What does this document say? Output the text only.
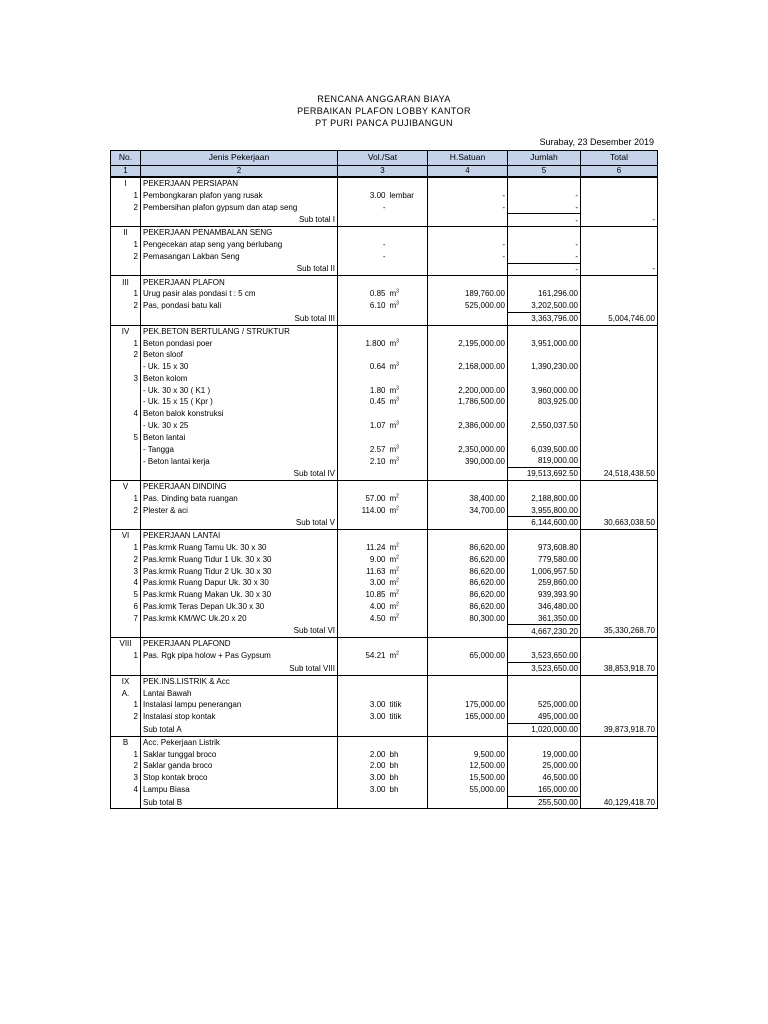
RENCANA ANGGARAN BIAYA
PERBAIKAN PLAFON LOBBY KANTOR
PT PURI PANCA PUJIBANGUN
Surabay, 23 Desember 2019
No.	Jenis Pekerjaan	Vol./Sat		H.Satuan	Jumlah	Total
1	2	3		4	5	6
I	PEKERJAAN PERSIAPAN					
1	Pembongkaran plafon yang rusak	3.00	lembar	-	-	
2	Pembersihan plafon gypsum dan atap seng	-		-	-	
	Sub total I				-	-
II	PEKERJAAN PENAMBALAN SENG					
1	Pengecekan atap seng yang berlubang	-		-	-	
2	Pemasangan Lakban Seng	-		-	-	
	Sub total II				-	-
III	PEKERJAAN PLAFON					
1	Urug pasir alas pondasi t : 5 cm	0.85	$m^3$	189,760.00	161,296.00	
2	Pas, pondasi batu kali	6.10	$m^3$	525,000.00	3,202,500.00	
	Sub total III				3,363,796.00	5,004,746.00
IV	PEK.BETON BERTULANG / STRUKTUR					
1	Beton pondasi poer	1.800	$m^3$	2,195,000.00	3,951,000.00	
2	Beton sloof					
	- Uk. 15 x 30	0.64	$m^3$	2,168,000.00	1,390,230.00	
3	Beton kolom					
	- Uk. 30 x 30 ( K1 )	1.80	$m^3$	2,200,000.00	3,960,000.00	
	- Uk. 15 x 15 ( Kpr )	0.45	$m^3$	1,786,500.00	803,925.00	
4	Beton balok konstruksi					
	- Uk. 30 x 25	1.07	$m^3$	2,386,000.00	2,550,037.50	
5	Beton lantai					
	- Tangga	2.57	$m^3$	2,350,000.00	6,039,500.00	
	- Beton lantai kerja	2.10	$m^3$	390,000.00	819,000.00	
	Sub total IV				19,513,692.50	24,518,438.50
V	PEKERJAAN DINDING					
1	Pas. Dinding bata ruangan	57.00	$m^2$	38,400.00	2,188,800.00	
2	Plester & aci	114.00	$m^2$	34,700.00	3,955,800.00	
	Sub total V				6,144,600.00	30,663,038.50
VI	PEKERJAAN LANTAI					
1	Pas.krmk Ruang Tamu Uk. 30 x 30	11.24	$m^2$	86,620.00	973,608.80	
2	Pas.krmk Ruang Tidur 1 Uk. 30 x 30	9.00	$m^2$	86,620.00	779,580.00	
3	Pas.krmk Ruang Tidur 2 Uk. 30 x 30	11.63	$m^2$	86,620.00	1,006,957.50	
4	Pas.krmk Ruang Dapur Uk. 30 x 30	3.00	$m^2$	86,620.00	259,860.00	
5	Pas.krmk Ruang Makan Uk. 30 x 30	10.85	$m^2$	86,620.00	939,393.90	
6	Pas.krmk Teras Depan Uk.30 x 30	4.00	$m^2$	86,620.00	346,480.00	
7	Pas.krmk KM/WC Uk.20 x 20	4.50	$m^2$	80,300.00	361,350.00	
	Sub total VI				4,667,230.20	35,330,268.70
VIII	PEKERJAAN PLAFOND					
1	Pas. Rgk pipa holow + Pas Gypsum	54.21	$m^2$	65,000.00	3,523,650.00	
	Sub total VIII				3,523,650.00	38,853,918.70
IX	PEK.INS.LISTRIK & Acc					
A.	Lantai Bawah					
1	Instalasi lampu penerangan	3.00	titik	175,000.00	525,000.00	
2	Instalasi stop kontak	3.00	titik	165,000.00	495,000.00	
	Sub total A				1,020,000.00	39,873,918.70
B	Acc. Pekerjaan Listrik					
1	Saklar tunggal broco	2.00	bh	9,500.00	19,000.00	
2	Saklar ganda broco	2.00	bh	12,500.00	25,000.00	
3	Stop kontak broco	3.00	bh	15,500.00	46,500.00	
4	Lampu Biasa	3.00	bh	55,000.00	165,000.00	
	Sub total B				255,500.00	40,129,418.70
